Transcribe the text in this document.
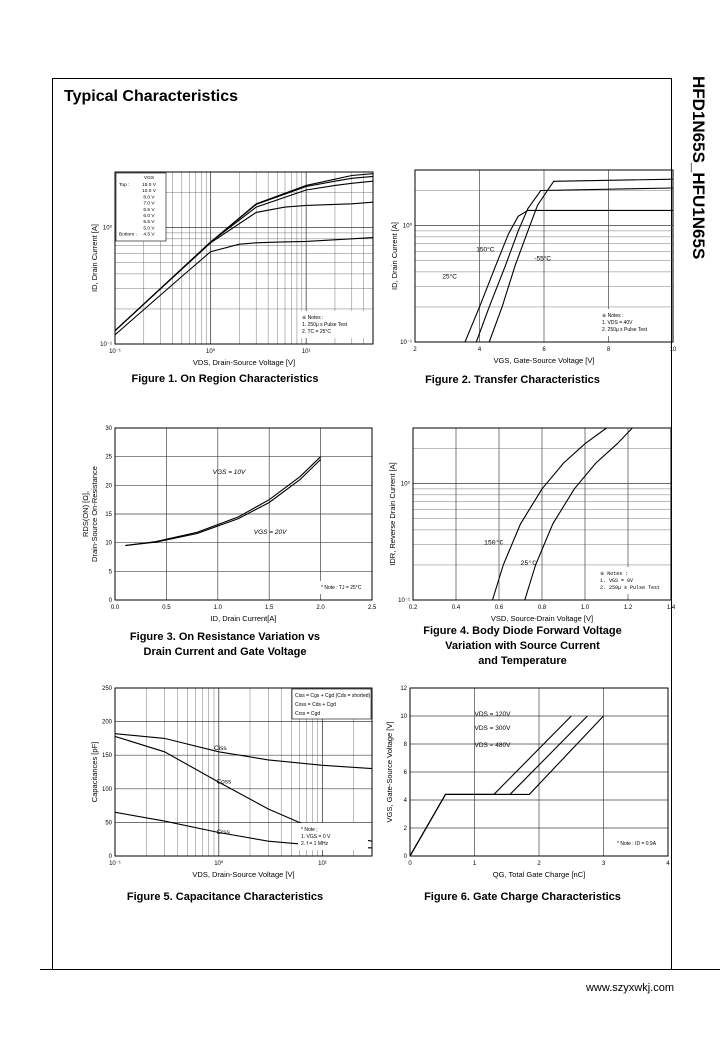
Typical Characteristics	HFD1N65S_HFU1N65S
www.szyxwkj.com
10⁻¹	10⁰	10¹
10⁻¹
10⁰
VDS, Drain-Source Voltage [V]
ID, Drain Current [A]
VGS
Top :	15.0 V
10.0 V
8.0 V
7.0 V
6.5 V
6.0 V
5.5 V
5.0 V
Bottom : 4.5 V
※ Notes :
1. 250μ s Pulse Test
2. TC = 25°C
Figure 1. On Region Characteristics
2	4	6	8	10
10⁻¹
10⁰
VGS, Gate-Source Voltage [V]
ID, Drain Current [A]	150°C
-55°C
25°C
※ Notes :
1. VDS = 40V
2. 250μ s Pulse Test
Figure 2. Transfer Characteristics
0.0	0.5	1.0	1.5	2.0	2.5
0
5
10
15
20
25
30
ID, Drain Current[A]
RDS(ON) [Ω], Drain-Source On-Resistance	VGS = 10V
VGS = 20V
* Note : TJ = 25°C
Figure 3. On Resistance Variation vs
Drain Current and Gate Voltage
0.2	0.4	0.6	0.8	1.0	1.2	1.4
10⁻¹
10⁰
VSD, Source-Drain Voltage [V]
IDR, Reverse Drain Current [A]	150°C
25°C
※ Notes :
1. VGS = 0V
2. 250μ s Pulse Test
Figure 4. Body Diode Forward Voltage
Variation with Source Current
and Temperature
10⁻¹	10⁰	10¹
0
50
100
150
200
250
VDS, Drain-Source Voltage [V]
Capacitances [pF]	Ciss
Coss
Crss
Ciss = Cgs + Cgd (Cds = shorted)
Coss = Cds + Cgd
Crss = Cgd
* Note ;
1. VGS = 0 V
2. f = 1 MHz
Figure 5. Capacitance Characteristics
0	1	2	3	4
0
2
4
6
8
10
12
QG, Total Gate Charge [nC]
VGS, Gate-Source Voltage [V]
VDS = 120V
VDS = 300V
VDS = 480V
* Note : ID = 0.9A
Figure 6. Gate Charge Characteristics
